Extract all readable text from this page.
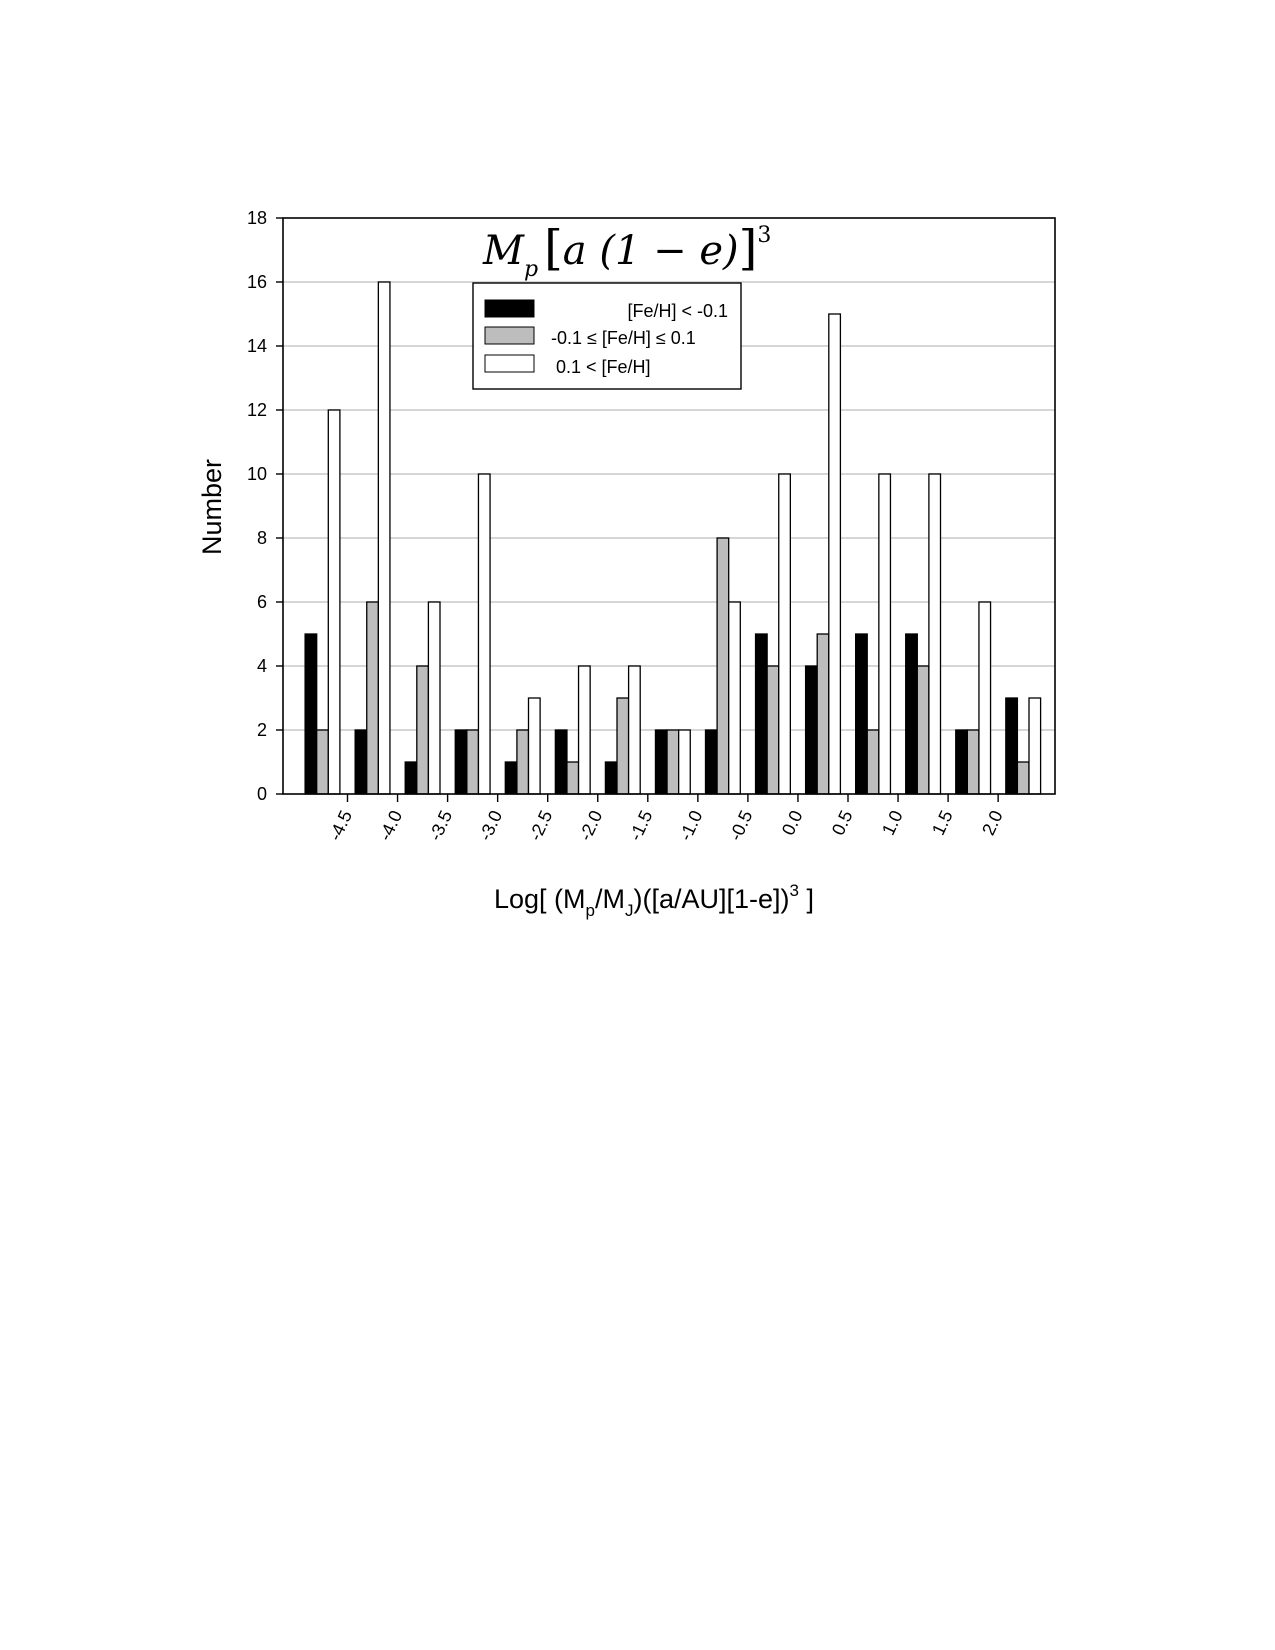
0
2
4
6
8
10
12
14
16
18
-4.5 -4.0 -3.5 -3.0 -2.5 -2.0 -1.5 -1.0 -0.5 0.0 0.5 1.0 1.5 2.0
$M_p$ [a (1 − e)]$^3$
[Fe/H] < -0.1
-0.1 ≤ [Fe/H] ≤ 0.1
0.1 < [Fe/H]
Number
Log[ $(M_p/M_J)([a/AU][1-e])^3$ ]
